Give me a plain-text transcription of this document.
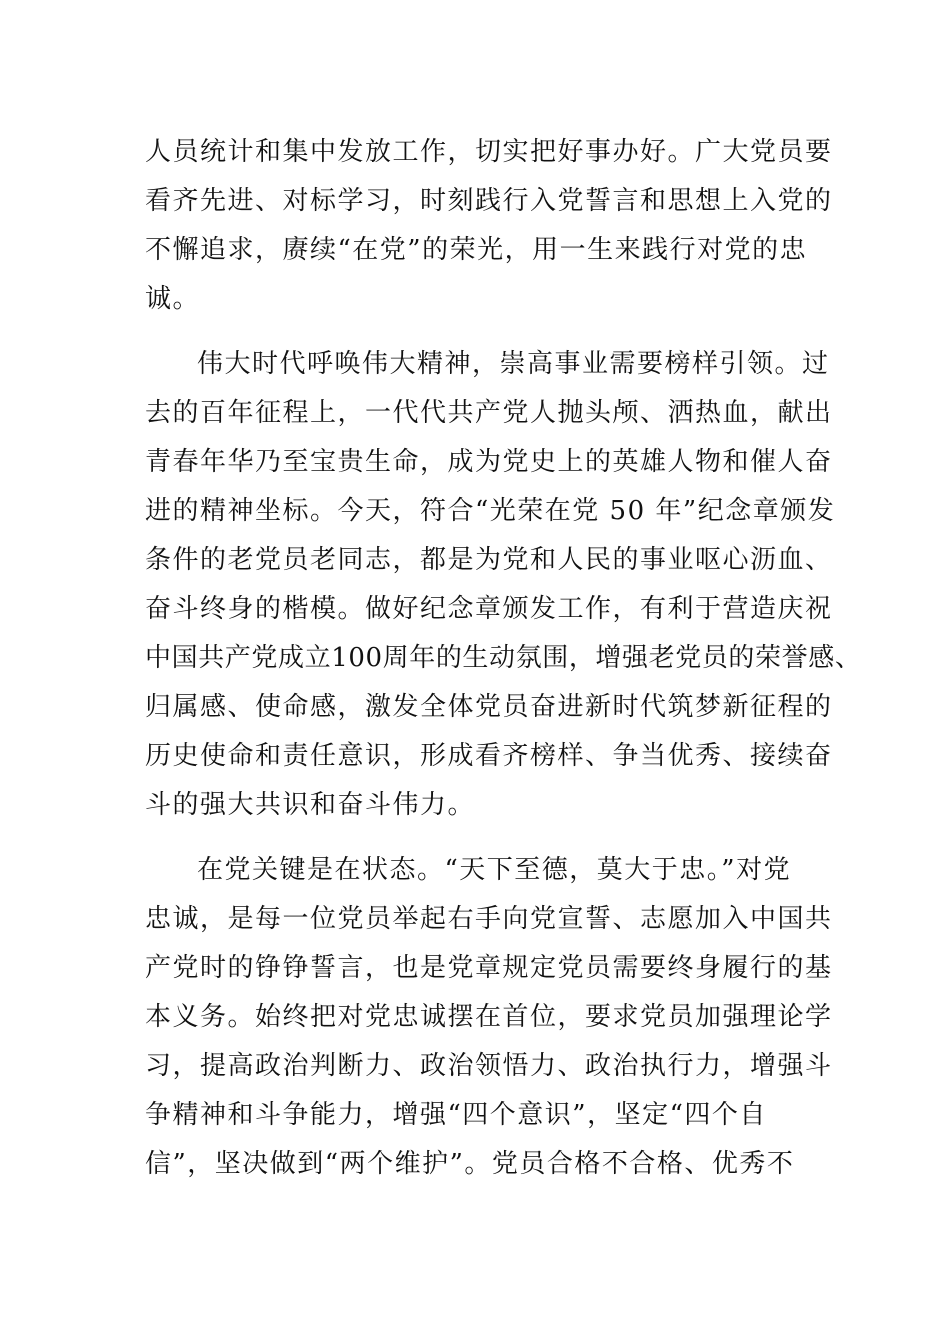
人员统计和集中发放工作，切实把好事办好。广大党员要
看齐先进、对标学习，时刻践行入党誓言和思想上入党的
不懈追求，赓续“在党”的荣光，用一生来践行对党的忠
诚。
伟大时代呼唤伟大精神，崇高事业需要榜样引领。过
去的百年征程上，一代代共产党人抛头颅、洒热血，献出
青春年华乃至宝贵生命，成为党史上的英雄人物和催人奋
进的精神坐标。今天，符合“光荣在党 50 年”纪念章颁发
条件的老党员老同志，都是为党和人民的事业呕心沥血、
奋斗终身的楷模。做好纪念章颁发工作，有利于营造庆祝
中国共产党成立100周年的生动氛围，增强老党员的荣誉感、
归属感、使命感，激发全体党员奋进新时代筑梦新征程的
历史使命和责任意识，形成看齐榜样、争当优秀、接续奋
斗的强大共识和奋斗伟力。
在党关键是在状态。“天下至德，莫大于忠。”对党
忠诚，是每一位党员举起右手向党宣誓、志愿加入中国共
产党时的铮铮誓言，也是党章规定党员需要终身履行的基
本义务。始终把对党忠诚摆在首位，要求党员加强理论学
习，提高政治判断力、政治领悟力、政治执行力，增强斗
争精神和斗争能力，增强“四个意识”，坚定“四个自
信”，坚决做到“两个维护”。党员合格不合格、优秀不
